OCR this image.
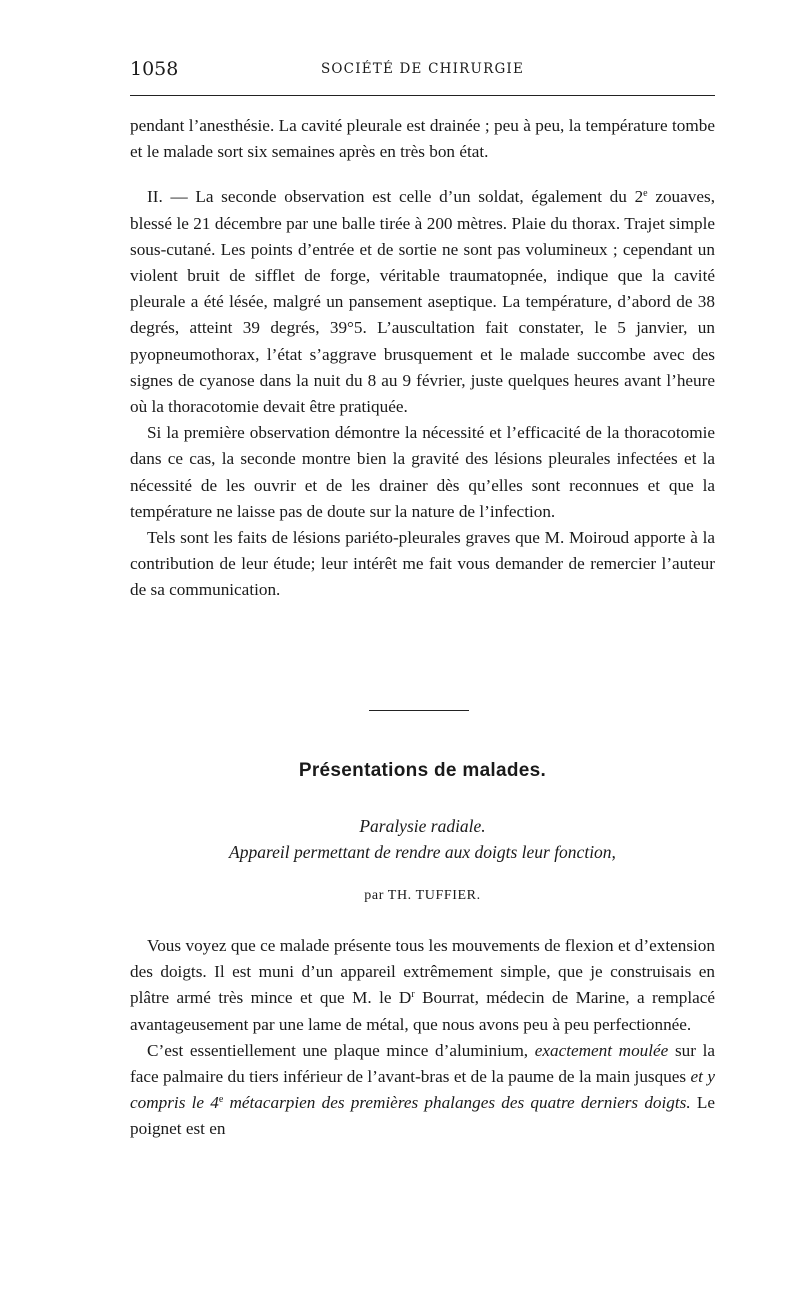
1058	SOCIÉTÉ DE CHIRURGIE

pendant l’anesthésie. La cavité pleurale est drainée ; peu à peu, la température tombe et le malade sort six semaines après en très bon état.

II. — La seconde observation est celle d’un soldat, également du 2e zouaves, blessé le 21 décembre par une balle tirée à 200 mètres. Plaie du thorax. Trajet simple sous-cutané. Les points d’entrée et de sortie ne sont pas volumineux ; cependant un violent bruit de sifflet de forge, véritable traumatopnée, indique que la cavité pleurale a été lésée, malgré un pansement aseptique. La température, d’abord de 38 degrés, atteint 39 degrés, 39°5. L’auscultation fait constater, le 5 janvier, un pyopneumothorax, l’état s’aggrave brusquement et le malade succombe avec des signes de cyanose dans la nuit du 8 au 9 février, juste quelques heures avant l’heure où la thoracotomie devait être pratiquée.

Si la première observation démontre la nécessité et l’efficacité de la thoracotomie dans ce cas, la seconde montre bien la gravité des lésions pleurales infectées et la nécessité de les ouvrir et de les drainer dès qu’elles sont reconnues et que la température ne laisse pas de doute sur la nature de l’infection.

Tels sont les faits de lésions pariéto-pleurales graves que M. Moiroud apporte à la contribution de leur étude; leur intérêt me fait vous demander de remercier l’auteur de sa communication.

Présentations de malades.
Paralysie radiale.
Appareil permettant de rendre aux doigts leur fonction,
par TH. TUFFIER.

Vous voyez que ce malade présente tous les mouvements de flexion et d’extension des doigts. Il est muni d’un appareil extrêmement simple, que je construisais en plâtre armé très mince et que M. le $D^r$ Bourrat, médecin de Marine, a remplacé avantageusement par une lame de métal, que nous avons peu à peu perfectionnée.

C’est essentiellement une plaque mince d’aluminium, exactement moulée sur la face palmaire du tiers inférieur de l’avant-bras et de la paume de la main jusques et y compris le 4e métacarpien des premières phalanges des quatre derniers doigts. Le poignet est en
